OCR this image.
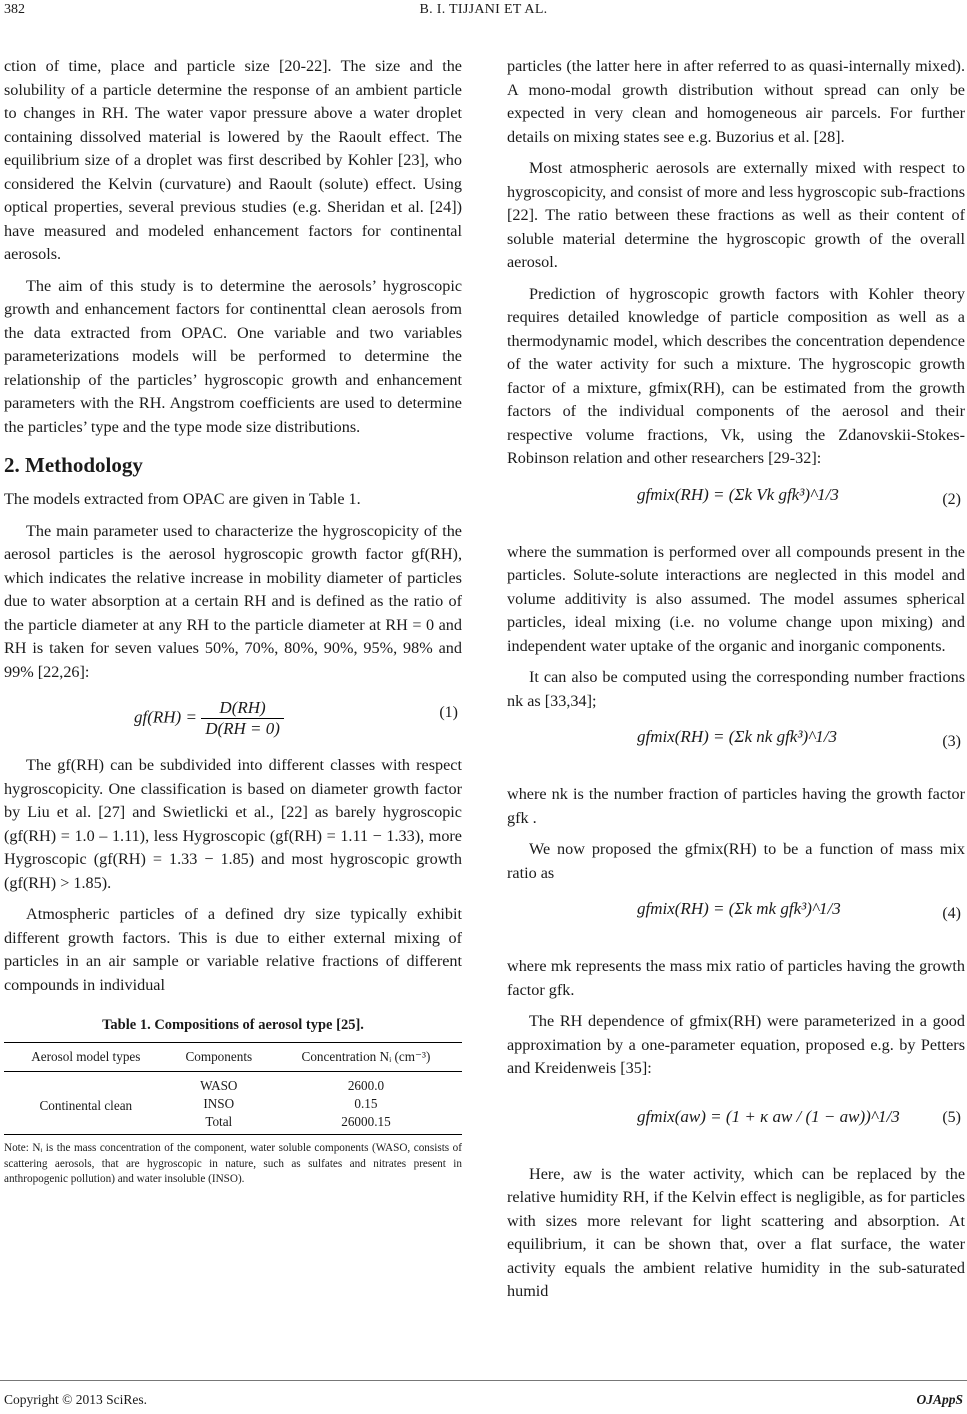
382	B. I. TIJJANI ET AL.

ction of time, place and particle size [20-22]. The size and the solubility of a particle determine the response of an ambient particle to changes in RH. The water vapor pressure above a water droplet containing dissolved material is lowered by the Raoult effect. The equilibrium size of a droplet was first described by Kohler [23], who considered the Kelvin (curvature) and Raoult (solute) effect. Using optical properties, several previous studies (e.g. Sheridan et al. [24]) have measured and modeled enhancement factors for continental aerosols.

The aim of this study is to determine the aerosols’ hygroscopic growth and enhancement factors for continenttal clean aerosols from the data extracted from OPAC. One variable and two variables parameterizations models will be performed to determine the relationship of the particles’ hygroscopic growth and enhancement parameters with the RH. Angstrom coefficients are used to determine the particles’ type and the type mode size distributions.

2. Methodology

The models extracted from OPAC are given in Table 1.

The main parameter used to characterize the hygroscopicity of the aerosol particles is the aerosol hygroscopic growth factor gf(RH), which indicates the relative increase in mobility diameter of particles due to water absorption at a certain RH and is defined as the ratio of the particle diameter at any RH to the particle diameter at RH = 0 and RH is taken for seven values 50%, 70%, 80%, 90%, 95%, 98% and 99% [22,26]:

$gf(RH) = \frac{D(RH)}{D(RH = 0)}$	(1)

The gf(RH) can be subdivided into different classes with respect hygroscopicity. One classification is based on diameter growth factor by Liu et al. [27] and Swietlicki et al., [22] as barely hygroscopic (gf(RH) = 1.0 – 1.11), less Hygroscopic (gf(RH) = 1.11 − 1.33), more Hygroscopic (gf(RH) = 1.33 − 1.85) and most hygroscopic growth (gf(RH) > 1.85).

Atmospheric particles of a defined dry size typically exhibit different growth factors. This is due to either external mixing of particles in an air sample or variable relative fractions of different compounds in individual

Table 1. Compositions of aerosol type [25].
Aerosol model types	Components	Concentration Nᵢ (cm⁻³)
Continental clean	WASO	2600.0
	INSO	0.15
	Total	26000.15
Note: Nᵢ is the mass concentration of the component, water soluble components (WASO, consists of scattering aerosols, that are hygroscopic in nature, such as sulfates and nitrates present in anthropogenic pollution) and water insoluble (INSO).

particles (the latter here in after referred to as quasi-internally mixed). A mono-modal growth distribution without spread can only be expected in very clean and homogeneous air parcels. For further details on mixing states see e.g. Buzorius et al. [28].

Most atmospheric aerosols are externally mixed with respect to hygroscopicity, and consist of more and less hygroscopic sub-fractions [22]. The ratio between these fractions as well as their content of soluble material determine the hygroscopic growth of the overall aerosol.

Prediction of hygroscopic growth factors with Kohler theory requires detailed knowledge of particle composition as well as a thermodynamic model, which describes the concentration dependence of the water activity for such a mixture. The hygroscopic growth factor of a mixture, gfmix(RH), can be estimated from the growth factors of the individual components of the aerosol and their respective volume fractions, Vk, using the Zdanovskii-Stokes-Robinson relation and other researchers [29-32]:

gfmix(RH) = (Σk Vk gfk³)^1/3	(2)

where the summation is performed over all compounds present in the particles. Solute-solute interactions are neglected in this model and volume additivity is also assumed. The model assumes spherical particles, ideal mixing (i.e. no volume change upon mixing) and independent water uptake of the organic and inorganic components.

It can also be computed using the corresponding number fractions nk as [33,34];

gfmix(RH) = (Σk nk gfk³)^1/3	(3)

where nk is the number fraction of particles having the growth factor gfk .

We now proposed the gfmix(RH) to be a function of mass mix ratio as

gfmix(RH) = (Σk mk gfk³)^1/3	(4)

where mk represents the mass mix ratio of particles having the growth factor gfk.

The RH dependence of gfmix(RH) were parameterized in a good approximation by a one-parameter equation, proposed e.g. by Petters and Kreidenweis [35]:

gfmix(aw) = (1 + κ aw / (1 − aw))^1/3	(5)

Here, aw is the water activity, which can be replaced by the relative humidity RH, if the Kelvin effect is negligible, as for particles with sizes more relevant for light scattering and absorption. At equilibrium, it can be shown that, over a flat surface, the water activity equals the ambient relative humidity in the sub-saturated humid

Copyright © 2013 SciRes.	OJAppS
